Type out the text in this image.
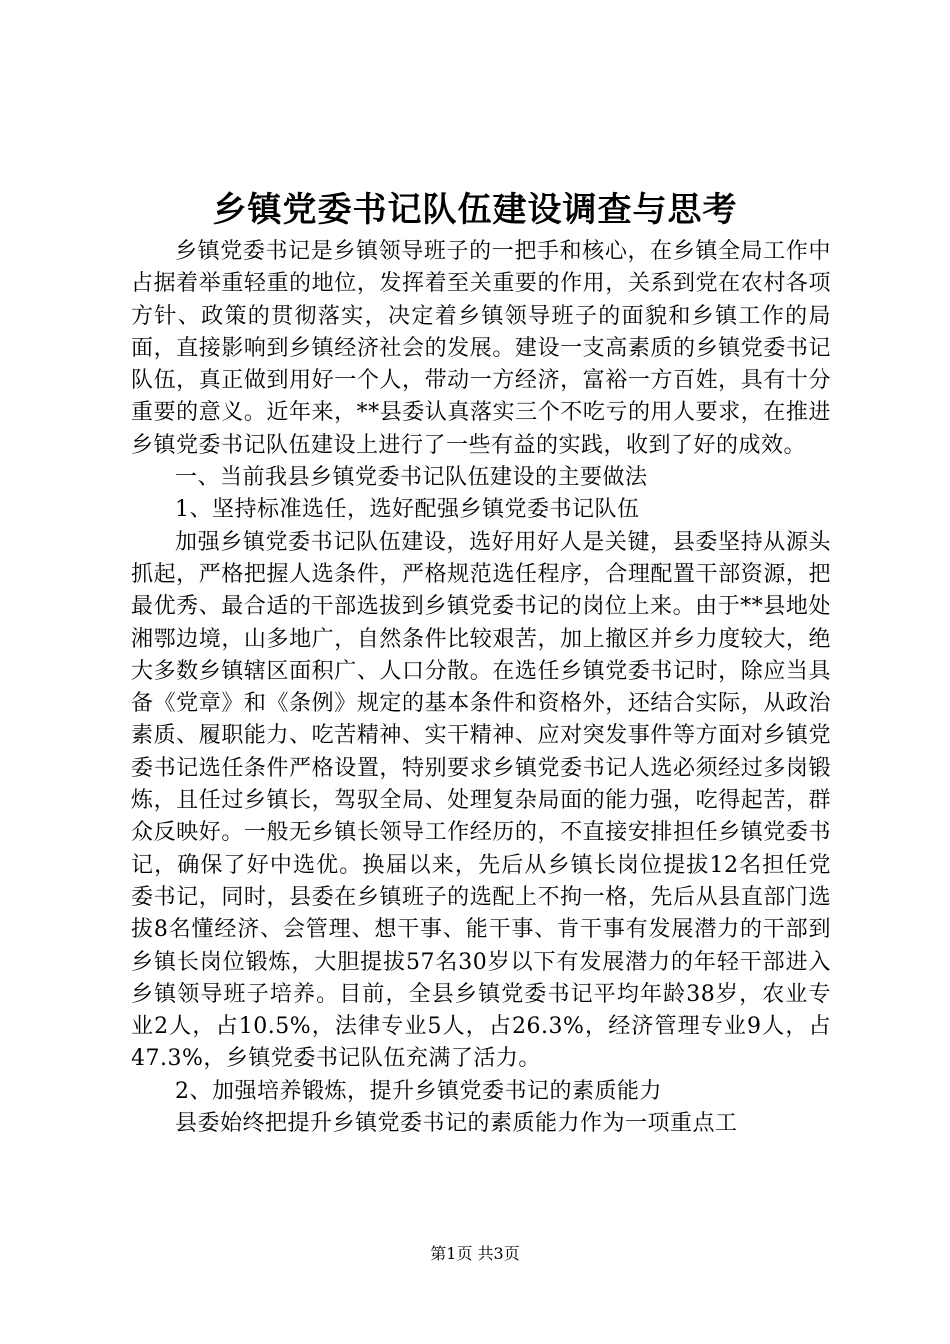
乡镇党委书记队伍建设调查与思考

乡镇党委书记是乡镇领导班子的一把手和核心，在乡镇全局工作中占据着举重轻重的地位，发挥着至关重要的作用，关系到党在农村各项方针、政策的贯彻落实，决定着乡镇领导班子的面貌和乡镇工作的局面，直接影响到乡镇经济社会的发展。建设一支高素质的乡镇党委书记队伍，真正做到用好一个人，带动一方经济，富裕一方百姓，具有十分重要的意义。近年来，**县委认真落实三个不吃亏的用人要求，在推进乡镇党委书记队伍建设上进行了一些有益的实践，收到了好的成效。

一、当前我县乡镇党委书记队伍建设的主要做法

1、坚持标准选任，选好配强乡镇党委书记队伍

加强乡镇党委书记队伍建设，选好用好人是关键，县委坚持从源头抓起，严格把握人选条件，严格规范选任程序，合理配置干部资源，把最优秀、最合适的干部选拔到乡镇党委书记的岗位上来。由于**县地处湘鄂边境，山多地广，自然条件比较艰苦，加上撤区并乡力度较大，绝大多数乡镇辖区面积广、人口分散。在选任乡镇党委书记时，除应当具备《党章》和《条例》规定的基本条件和资格外，还结合实际，从政治素质、履职能力、吃苦精神、实干精神、应对突发事件等方面对乡镇党委书记选任条件严格设置，特别要求乡镇党委书记人选必须经过多岗锻炼，且任过乡镇长，驾驭全局、处理复杂局面的能力强，吃得起苦，群众反映好。一般无乡镇长领导工作经历的，不直接安排担任乡镇党委书记，确保了好中选优。换届以来，先后从乡镇长岗位提拔12名担任党委书记，同时，县委在乡镇班子的选配上不拘一格，先后从县直部门选拔8名懂经济、会管理、想干事、能干事、肯干事有发展潜力的干部到乡镇长岗位锻炼，大胆提拔57名30岁以下有发展潜力的年轻干部进入乡镇领导班子培养。目前，全县乡镇党委书记平均年龄38岁，农业专业2人，占10.5%，法律专业5人，占26.3%，经济管理专业9人，占47.3%，乡镇党委书记队伍充满了活力。

2、加强培养锻炼，提升乡镇党委书记的素质能力

县委始终把提升乡镇党委书记的素质能力作为一项重点工

第1页 共3页
